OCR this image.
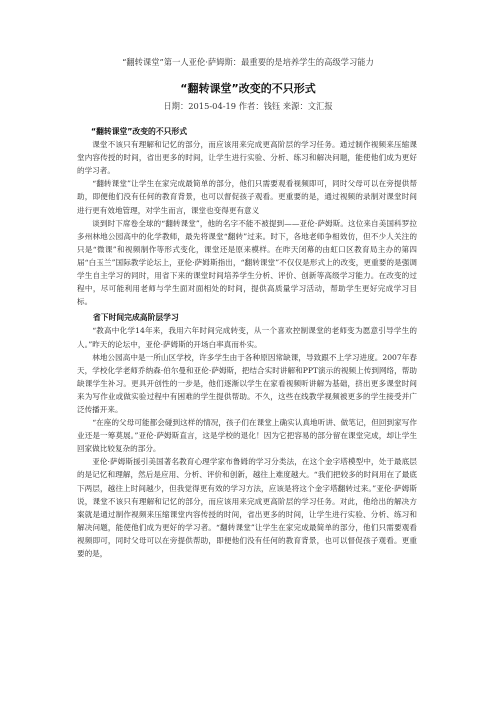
“翻转课堂”第一人亚伦·萨姆斯：最重要的是培养学生的高级学习能力
“翻转课堂”改变的不只形式
日期：2015-04-19 作者：钱钰 来源：文汇报
“翻转课堂”改变的不只形式

课堂不该只有理解和记忆的部分，而应该用来完成更高阶层的学习任务。通过制作视频来压缩课堂内容传授的时间，省出更多的时间，让学生进行实验、分析、练习和解决问题，能使他们成为更好的学习者。

“翻转课堂”让学生在家完成最简单的部分，他们只需要观看视频即可，同时父母可以在旁提供帮助，即便他们没有任何的教育背景，也可以督促孩子观看。更重要的是，通过视频的录制对课堂时间进行更有效地管理，对学生而言，课堂也变得更有意义

谈到时下席卷全球的“翻转课堂”，他的名字不能不被提到——亚伦·萨姆斯。这位来自美国科罗拉多州林地公园高中的化学教师，最先将课堂“翻转”过来。时下，各地老师争相效仿，但不少人关注的只是“微课”和视频制作等形式变化，课堂还是原来模样。在昨天闭幕的由虹口区教育局主办的第四届“白玉兰”国际教学论坛上，亚伦·萨姆斯指出，“翻转课堂”不仅仅是形式上的改变，更重要的是强调学生自主学习的同时，用省下来的课堂时间培养学生分析、评价、创新等高级学习能力。在改变的过程中，尽可能利用老师与学生面对面相处的时间，提供高质量学习活动，帮助学生更好完成学习目标。

省下时间完成高阶层学习

“教高中化学14年来，我用六年时间完成转变，从一个喜欢控制课堂的老师变为愿意引导学生的人。”昨天的论坛中，亚伦·萨姆斯的开场白率真而朴实。

林地公园高中是一所山区学校，许多学生由于各种原因常缺课，导致跟不上学习进度。2007年春天，学校化学老师乔纳森·伯尔曼和亚伦·萨姆斯，把结合实时讲解和PPT演示的视频上传到网络，帮助缺课学生补习。更具开创性的一步是，他们逐渐以学生在家看视频听讲解为基础，挤出更多课堂时间来为写作业或做实验过程中有困难的学生提供帮助。不久，这些在线教学视频被更多的学生接受并广泛传播开来。

“在座的父母可能都会碰到这样的情况，孩子们在课堂上确实认真地听讲、做笔记，但回到家写作业还是一筹莫展。”亚伦·萨姆斯直言，这是学校的退化！因为它把容易的部分留在课堂完成，却让学生回家做比较复杂的部分。

亚伦·萨姆斯援引美国著名教育心理学家布鲁姆的学习分类法，在这个金字塔模型中，处于最底层的是记忆和理解，然后是应用、分析、评价和创新，越往上难度越大。“我们把较多的时间用在了最底下两层，越往上时间越少，但我觉得更有效的学习方法，应该是将这个金字塔翻转过来。”亚伦·萨姆斯说，课堂不该只有理解和记忆的部分，而应该用来完成更高阶层的学习任务。对此，他给出的解决方案就是通过制作视频来压缩课堂内容传授的时间，省出更多的时间，让学生进行实验、分析、练习和解决问题，能使他们成为更好的学习者。“翻转课堂”让学生在家完成最简单的部分，他们只需要观看视频即可，同时父母可以在旁提供帮助，即便他们没有任何的教育背景，也可以督促孩子观看。更重要的是，
